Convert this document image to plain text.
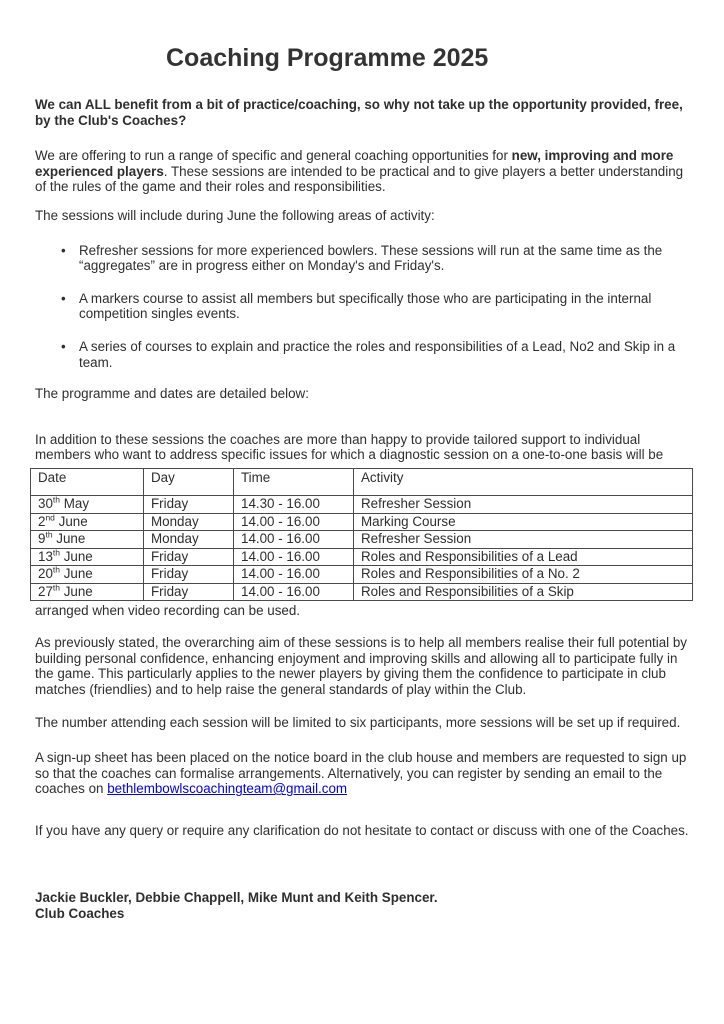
Coaching Programme 2025

We can ALL benefit from a bit of practice/coaching, so why not take up the opportunity provided, free, by the Club's Coaches?

We are offering to run a range of specific and general coaching opportunities for new, improving and more experienced players. These sessions are intended to be practical and to give players a better understanding of the rules of the game and their roles and responsibilities.

The sessions will include during June the following areas of activity:

• Refresher sessions for more experienced bowlers. These sessions will run at the same time as the “aggregates” are in progress either on Monday's and Friday's.
• A markers course to assist all members but specifically those who are participating in the internal competition singles events.
• A series of courses to explain and practice the roles and responsibilities of a Lead, No2 and Skip in a team.

The programme and dates are detailed below:

In addition to these sessions the coaches are more than happy to provide tailored support to individual members who want to address specific issues for which a diagnostic session on a one-to-one basis will be

Date	Day	Time	Activity
30th May	Friday	14.30 - 16.00	Refresher Session
2nd June	Monday	14.00 - 16.00	Marking Course
9th June	Monday	14.00 - 16.00	Refresher Session
13th June	Friday	14.00 - 16.00	Roles and Responsibilities of a Lead
20th June	Friday	14.00 - 16.00	Roles and Responsibilities of a No. 2
27th June	Friday	14.00 - 16.00	Roles and Responsibilities of a Skip

arranged when video recording can be used.

As previously stated, the overarching aim of these sessions is to help all members realise their full potential by building personal confidence, enhancing enjoyment and improving skills and allowing all to participate fully in the game. This particularly applies to the newer players by giving them the confidence to participate in club matches (friendlies) and to help raise the general standards of play within the Club.

The number attending each session will be limited to six participants, more sessions will be set up if required.

A sign-up sheet has been placed on the notice board in the club house and members are requested to sign up so that the coaches can formalise arrangements. Alternatively, you can register by sending an email to the coaches on bethlembowlscoachingteam@gmail.com

If you have any query or require any clarification do not hesitate to contact or discuss with one of the Coaches.

Jackie Buckler, Debbie Chappell, Mike Munt and Keith Spencer.
Club Coaches
